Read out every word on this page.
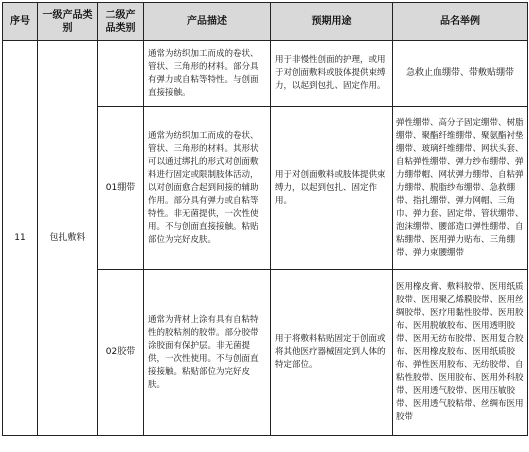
序号	一级产品类别	二级产品类别	产品描述	预期用途	品名举例
11	包扎敷料		通常为纺织加工而成的卷状、管状、三角形的材料。部分具有弹力或自粘等特性。与创面直接接触。	用于非慢性创面的护理，或用于对创面敷料或肢体提供束缚力，以起到包扎、固定作用。	急救止血绷带、带敷贴绷带
		01绷带	通常为纺织加工而成的卷状、管状、三角形的材料。其形状可以通过绑扎的形式对创面敷料进行固定或限制肢体活动，以对创面愈合起到间接的辅助作用。部分具有弹力或自粘等特性。非无菌提供，一次性使用。不与创面直接接触。粘贴部位为完好皮肤。	用于对创面敷料或肢体提供束缚力，以起到包扎、固定作用。	弹性绷带、高分子固定绷带、树脂绷带、聚酯纤维绷带、聚氨酯衬垫绷带、玻璃纤维绷带、网状头套、自粘弹性绷带、弹力纱布绷带、弹力绷带帽、网状弹力绷带、自粘弹力绷带、脱脂纱布绷带、急救绷带、指扎绷带、弹力网帽、三角巾、弹力套、固定带、管状绷带、泡沫绷带、腰部造口弹性绷带、自粘绷带、医用弹力贴布、三角绷带、弹力束腰绷带
		02胶带	通常为背材上涂有具有自粘特性的胶粘剂的胶带。部分胶带涂胶面有保护层。非无菌提供，一次性使用。不与创面直接接触。粘贴部位为完好皮肤。	用于将敷料粘贴固定于创面或将其他医疗器械固定到人体的特定部位。	医用橡皮膏、敷料胶带、医用纸质胶带、医用聚乙烯膜胶带、医用丝绸胶带、医疗用黏性胶带、医用胶布、医用脱敏胶布、医用透明胶带、医用无纺布胶带、医用复合胶布、医用橡皮胶布、医用纸质胶布、弹性医用胶布、无纺胶带、自粘性胶带、医用胶布、医用外科胶带、医用透气胶带、医用压敏胶带、医用透气胶粘带、丝绸布医用胶带
